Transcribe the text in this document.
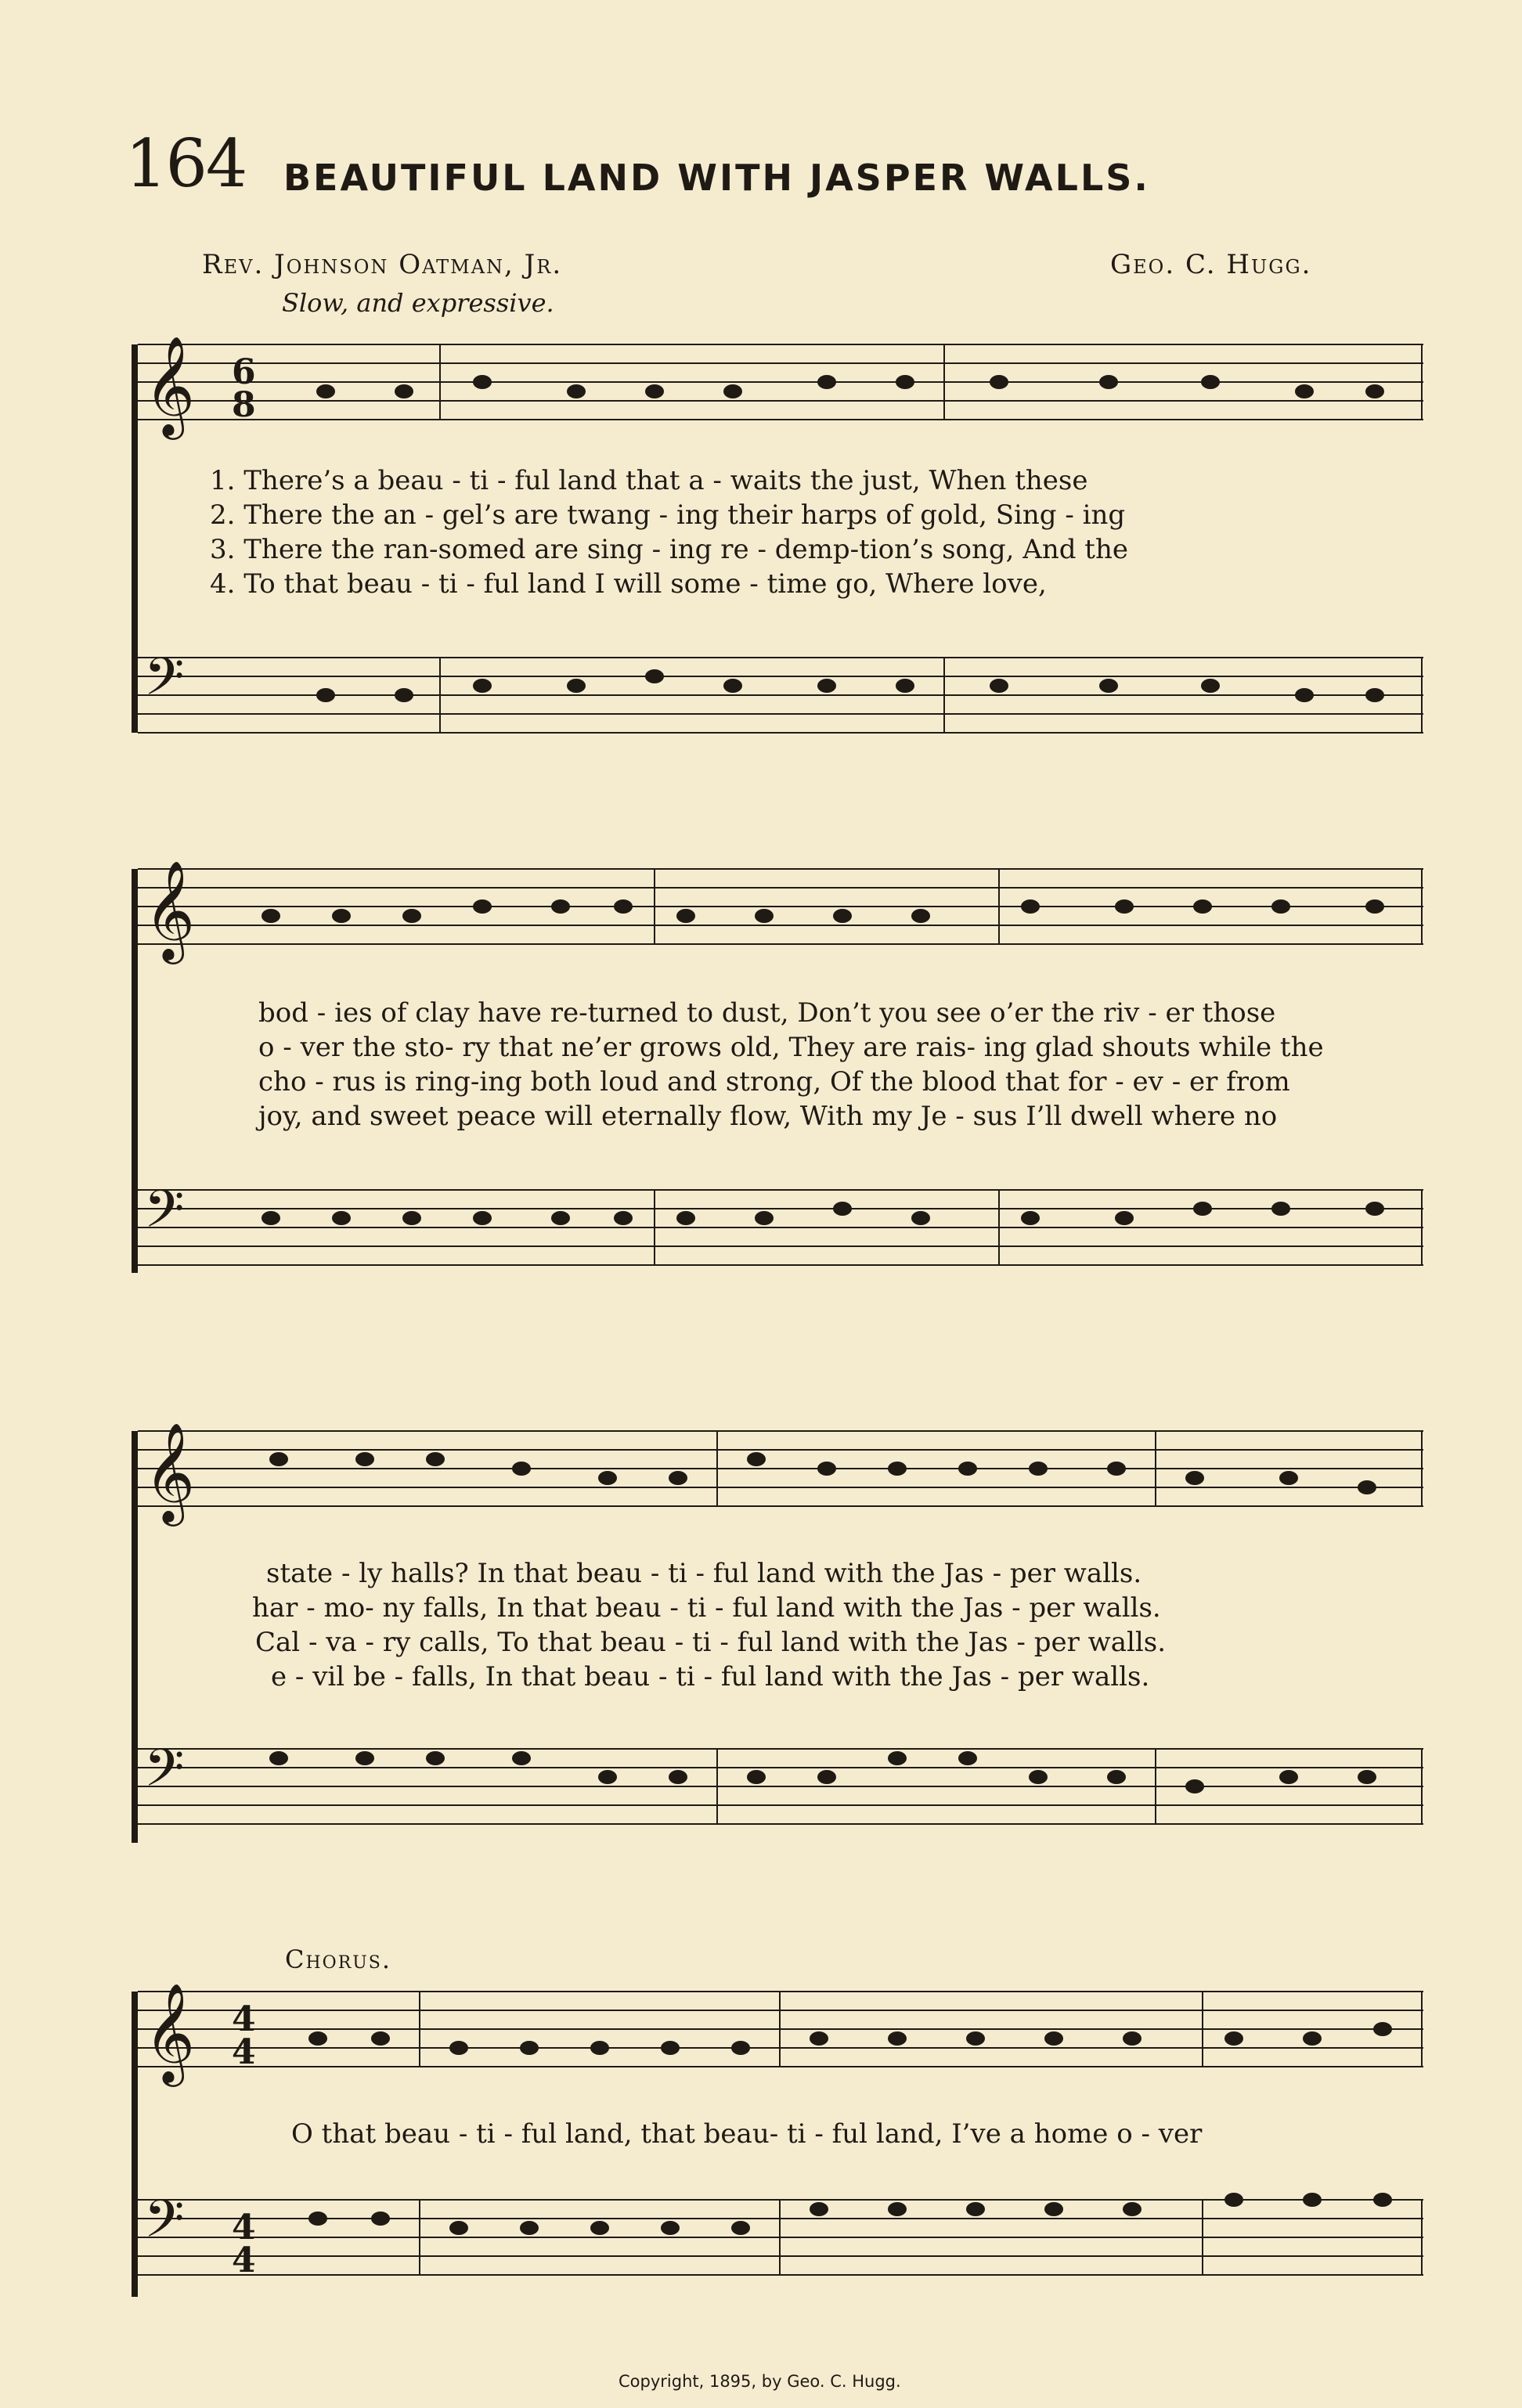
164 BEAUTIFUL LAND WITH JASPER WALLS.
Rev. Johnson Oatman, Jr.	Geo. C. Hugg.
Slow, and expressive.
𝄞 6
8
1. There’s a beau - ti - ful land that a - waits the just, When these
2. There the an - gel’s are twang - ing their harps of gold, Sing - ing
3. There the ran-somed are sing - ing re - demp-tion’s song, And the
4. To that beau - ti - ful land I will some - time go, Where love,
𝄢
𝄞
bod - ies of clay have re-turned to dust, Don’t you see o’er the riv - er those
o - ver the sto- ry that ne’er grows old, They are rais- ing glad shouts while the
cho - rus is ring-ing both loud and strong, Of the blood that for - ev - er from
joy, and sweet peace will eternally flow, With my Je - sus I’ll dwell where no
𝄢
𝄞
state - ly halls? In that beau - ti - ful land with the Jas - per walls.
har - mo- ny falls, In that beau - ti - ful land with the Jas - per walls.
Cal - va - ry calls, To that beau - ti - ful land with the Jas - per walls.
e - vil be - falls, In that beau - ti - ful land with the Jas - per walls.
𝄢
Chorus.
𝄞 4
4
O that beau - ti - ful land, that beau- ti - ful land, I’ve a home o - ver
𝄢 4
4
Copyright, 1895, by Geo. C. Hugg.
